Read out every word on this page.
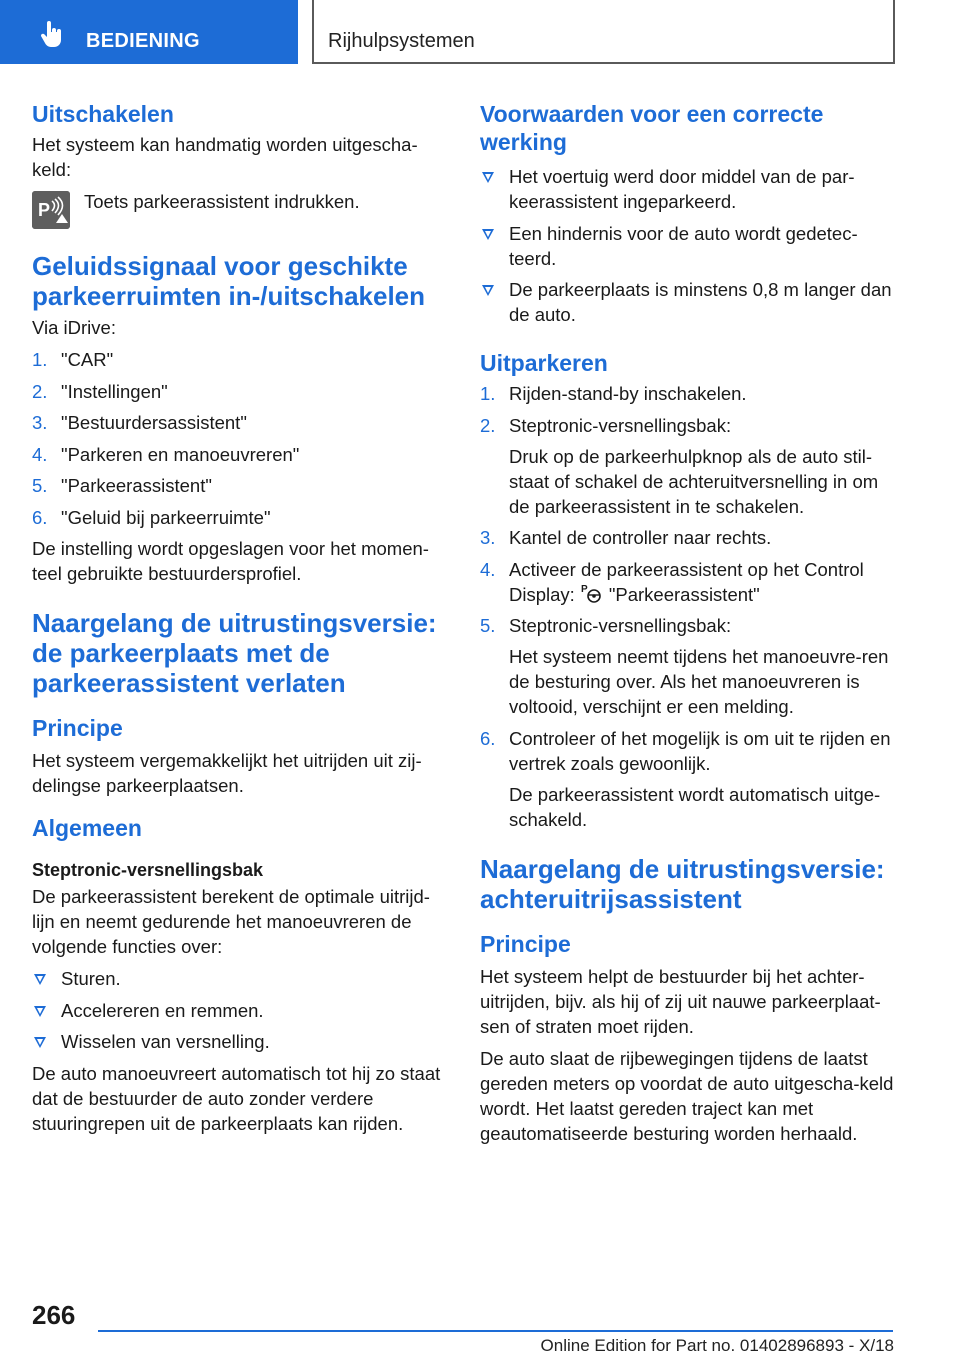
BEDIENING	Rijhulpsystemen
Uitschakelen

Het systeem kan handmatig worden uitgescha-keld:

P Toets parkeerassistent indrukken.

Geluidssignaal voor geschikte parkeerruimten in-/uitschakelen

Via iDrive:

1. "CAR"
2. "Instellingen"
3. "Bestuurdersassistent"
4. "Parkeren en manoeuvreren"
5. "Parkeerassistent"
6. "Geluid bij parkeerruimte"

De instelling wordt opgeslagen voor het momen-teel gebruikte bestuurdersprofiel.

Naargelang de uitrustingsversie: de parkeerplaats met de parkeerassistent verlaten
Principe

Het systeem vergemakkelijkt het uitrijden uit zij-delingse parkeerplaatsen.

Algemeen
Steptronic-versnellingsbak

De parkeerassistent berekent de optimale uitrijd-lijn en neemt gedurende het manoeuvreren de volgende functies over:

Sturen.
Accelereren en remmen.
Wisselen van versnelling.

De auto manoeuvreert automatisch tot hij zo staat dat de bestuurder de auto zonder verdere stuuringrepen uit de parkeerplaats kan rijden.

Voorwaarden voor een correcte werking
Het voertuig werd door middel van de par-keerassistent ingeparkeerd.
Een hindernis voor de auto wordt gedetec-teerd.
De parkeerplaats is minstens 0,8 m langer dan de auto.
Uitparkeren
1. Rijden-stand-by inschakelen.
2. Steptronic-versnellingsbak:
Druk op de parkeerhulpknop als de auto stil-staat of schakel de achteruitversnelling in om de parkeerassistent in te schakelen.
3. Kantel de controller naar rechts.
4. Activeer de parkeerassistent op het Control Display: P "Parkeerassistent"
5. Steptronic-versnellingsbak:
Het systeem neemt tijdens het manoeuvre-ren de besturing over. Als het manoeuvreren is voltooid, verschijnt er een melding.
6. Controleer of het mogelijk is om uit te rijden en vertrek zoals gewoonlijk.
De parkeerassistent wordt automatisch uitge-schakeld.
Naargelang de uitrustingsversie: achteruitrijsassistent
Principe

Het systeem helpt de bestuurder bij het achter-uitrijden, bijv. als hij of zij uit nauwe parkeerplaat-sen of straten moet rijden.

De auto slaat de rijbewegingen tijdens de laatst gereden meters op voordat de auto uitgescha-keld wordt. Het laatst gereden traject kan met geautomatiseerde besturing worden herhaald.

266
Online Edition for Part no. 01402896893 - X/18
